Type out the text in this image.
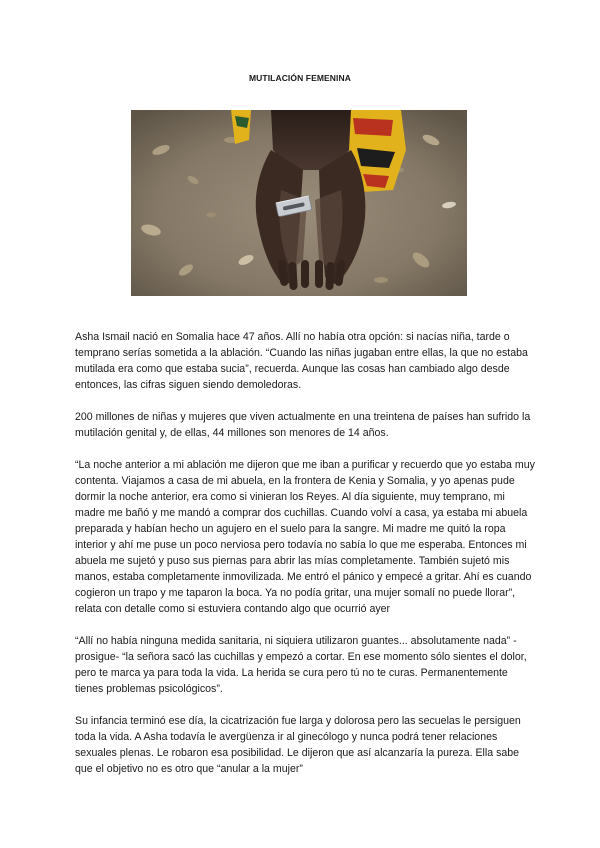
MUTILACIÓN FEMENINA

Asha Ismail nació en Somalia hace 47 años. Allí no había otra opción: si nacías niña, tarde o temprano serías sometida a la ablación. “Cuando las niñas jugaban entre ellas, la que no estaba mutilada era como que estaba sucia”, recuerda. Aunque las cosas han cambiado algo desde entonces, las cifras siguen siendo demoledoras.

200 millones de niñas y mujeres que viven actualmente en una treintena de países han sufrido la mutilación genital y, de ellas, 44 millones son menores de 14 años.

“La noche anterior a mi ablación me dijeron que me iban a purificar y recuerdo que yo estaba muy contenta. Viajamos a casa de mi abuela, en la frontera de Kenia y Somalia, y yo apenas pude dormir la noche anterior, era como si vinieran los Reyes. Al día siguiente, muy temprano, mi madre me bañó y me mandó a comprar dos cuchillas. Cuando volví a casa, ya estaba mi abuela preparada y habían hecho un agujero en el suelo para la sangre. Mi madre me quitó la ropa interior y ahí me puse un poco nerviosa pero todavía no sabía lo que me esperaba. Entonces mi abuela me sujetó y puso sus piernas para abrir las mías completamente. También sujetó mis manos, estaba completamente inmovilizada. Me entró el pánico y empecé a gritar. Ahí es cuando cogieron un trapo y me taparon la boca. Ya no podía gritar, una mujer somalí no puede llorar”, relata con detalle como si estuviera contando algo que ocurrió ayer

“Allí no había ninguna medida sanitaria, ni siquiera utilizaron guantes... absolutamente nada” -prosigue- “la señora sacó las cuchillas y empezó a cortar. En ese momento sólo sientes el dolor, pero te marca ya para toda la vida. La herida se cura pero tú no te curas. Permanentemente tienes problemas psicológicos”.

Su infancia terminó ese día, la cicatrización fue larga y dolorosa pero las secuelas le persiguen toda la vida. A Asha todavía le avergüenza ir al ginecólogo y nunca podrá tener relaciones sexuales plenas. Le robaron esa posibilidad. Le dijeron que así alcanzaría la pureza. Ella sabe que el objetivo no es otro que “anular a la mujer”
